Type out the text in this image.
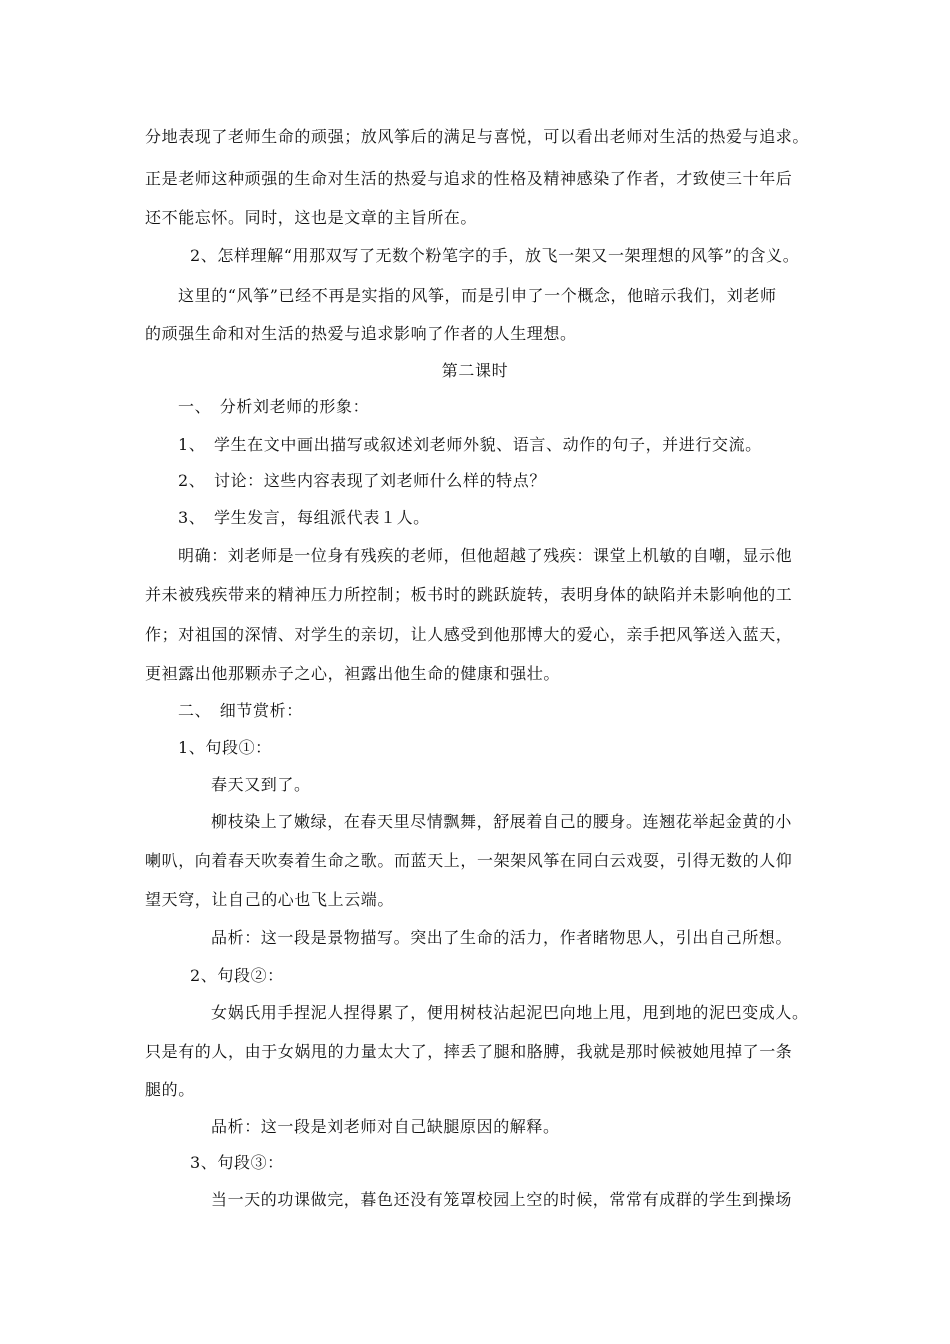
分地表现了老师生命的顽强；放风筝后的满足与喜悦，可以看出老师对生活的热爱与追求。
正是老师这种顽强的生命对生活的热爱与追求的性格及精神感染了作者，才致使三十年后
还不能忘怀。同时，这也是文章的主旨所在。
2、怎样理解“用那双写了无数个粉笔字的手，放飞一架又一架理想的风筝”的含义。
这里的“风筝”已经不再是实指的风筝，而是引申了一个概念，他暗示我们，刘老师
的顽强生命和对生活的热爱与追求影响了作者的人生理想。
第二课时
一、　分析刘老师的形象：
1、　学生在文中画出描写或叙述刘老师外貌、语言、动作的句子，并进行交流。
2、　讨论：这些内容表现了刘老师什么样的特点？
3、　学生发言，每组派代表１人。
明确：刘老师是一位身有残疾的老师，但他超越了残疾：课堂上机敏的自嘲，显示他
并未被残疾带来的精神压力所控制；板书时的跳跃旋转，表明身体的缺陷并未影响他的工
作；对祖国的深情、对学生的亲切，让人感受到他那博大的爱心，亲手把风筝送入蓝天，
更袒露出他那颗赤子之心，袒露出他生命的健康和强壮。
二、　细节赏析：
1、句段①：
春天又到了。
柳枝染上了嫩绿，在春天里尽情飘舞，舒展着自己的腰身。连翘花举起金黄的小
喇叭，向着春天吹奏着生命之歌。而蓝天上，一架架风筝在同白云戏耍，引得无数的人仰
望天穹，让自己的心也飞上云端。
品析：这一段是景物描写。突出了生命的活力，作者睹物思人，引出自己所想。
2、句段②：
女娲氏用手捏泥人捏得累了，便用树枝沾起泥巴向地上甩，甩到地的泥巴变成人。
只是有的人，由于女娲甩的力量太大了，摔丢了腿和胳膊，我就是那时候被她甩掉了一条
腿的。
品析：这一段是刘老师对自己缺腿原因的解释。
3、句段③：
当一天的功课做完，暮色还没有笼罩校园上空的时候，常常有成群的学生到操场
